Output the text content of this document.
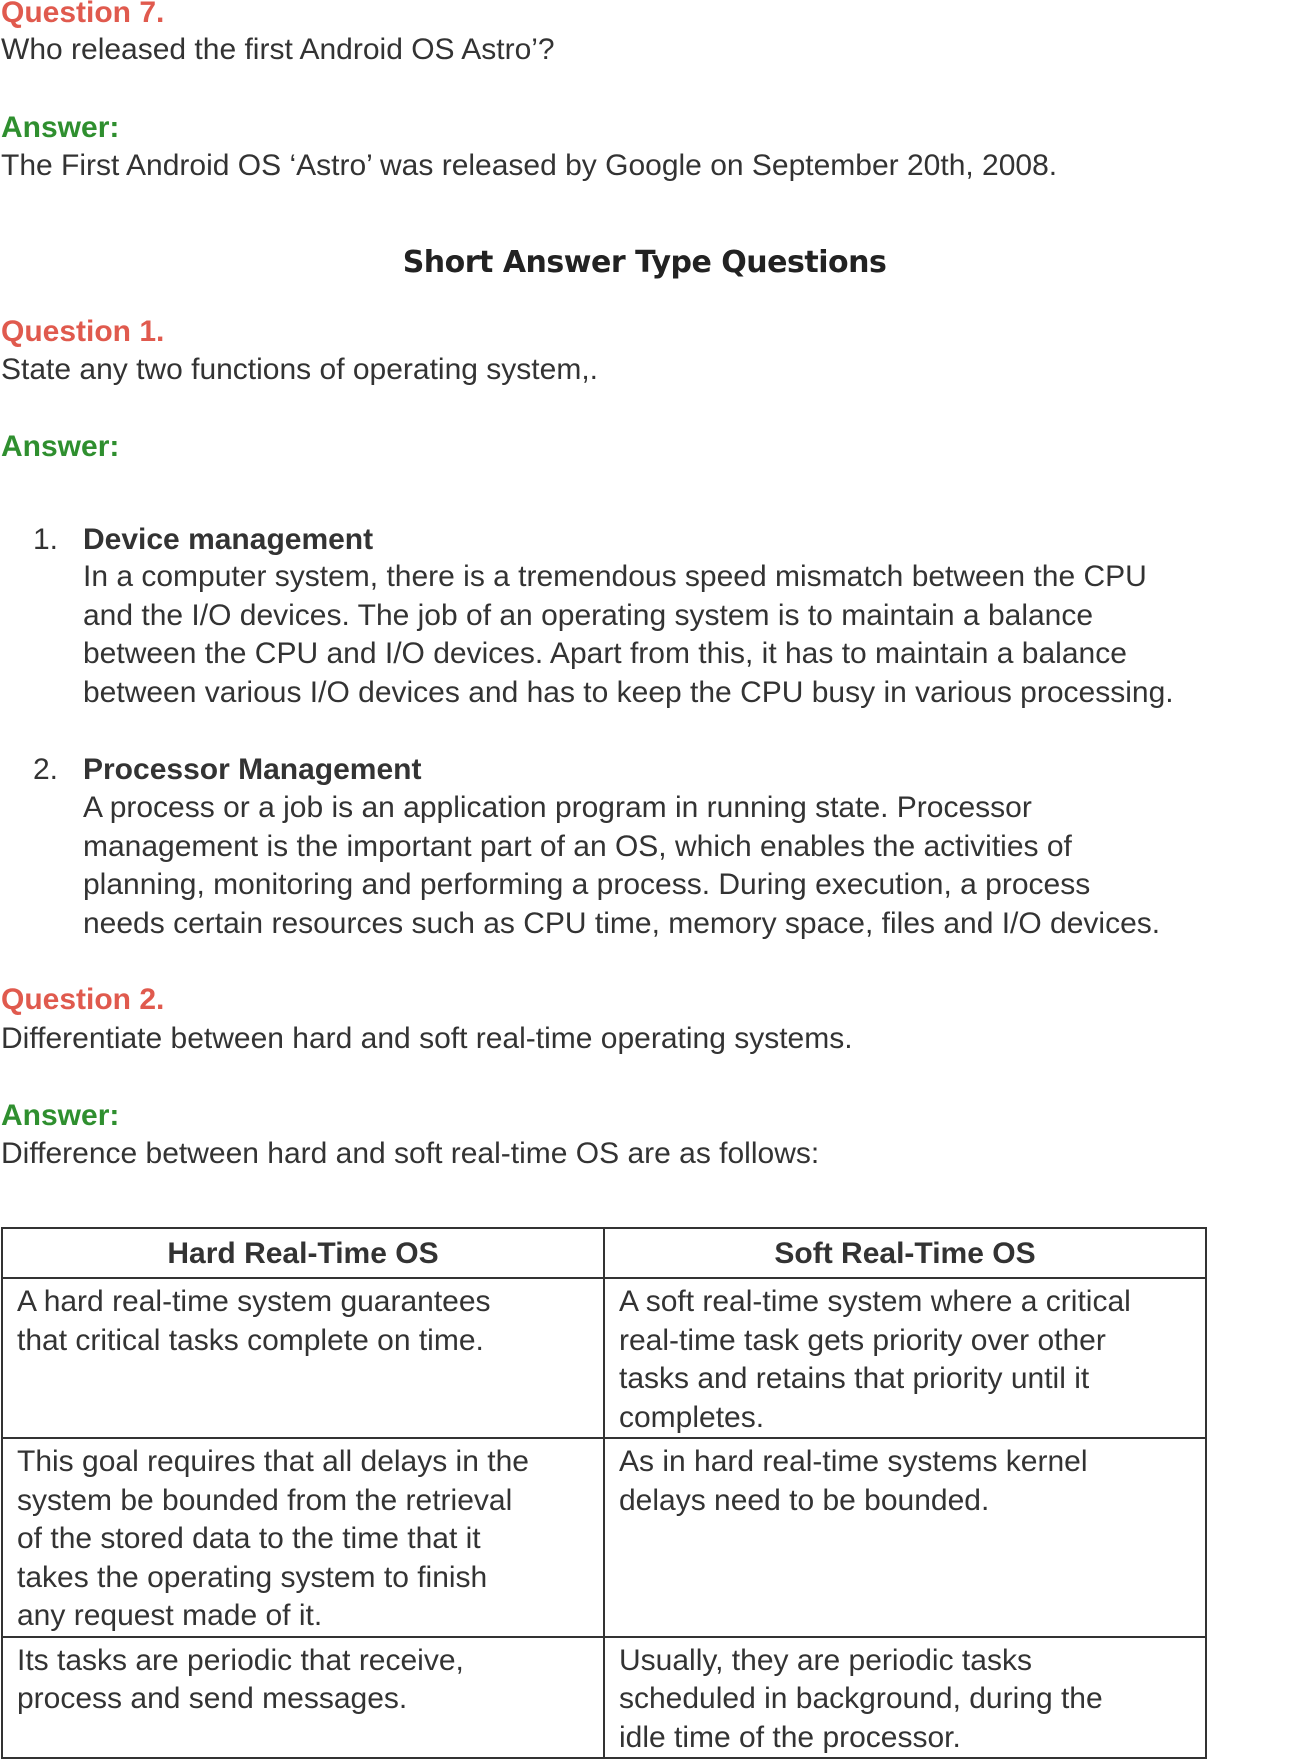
Question 7.
Who released the first Android OS Astro’?
Answer:
The First Android OS ‘Astro’ was released by Google on September 20th, 2008.
Short Answer Type Questions
Question 1.
State any two functions of operating system,.
Answer:
1. Device management
In a computer system, there is a tremendous speed mismatch between the CPU
and the I/O devices. The job of an operating system is to maintain a balance
between the CPU and I/O devices. Apart from this, it has to maintain a balance
between various I/O devices and has to keep the CPU busy in various processing.
2. Processor Management
A process or a job is an application program in running state. Processor
management is the important part of an OS, which enables the activities of
planning, monitoring and performing a process. During execution, a process
needs certain resources such as CPU time, memory space, files and I/O devices.
Question 2.
Differentiate between hard and soft real-time operating systems.
Answer:
Difference between hard and soft real-time OS are as follows:
Hard Real-Time OS	Soft Real-Time OS

A hard real-time system guarantees
that critical tasks complete on time.	A soft real-time system where a critical
real-time task gets priority over other
tasks and retains that priority until it
completes.

This goal requires that all delays in the
system be bounded from the retrieval
of the stored data to the time that it
takes the operating system to finish
any request made of it.	As in hard real-time systems kernel
delays need to be bounded.

Its tasks are periodic that receive,
process and send messages.	Usually, they are periodic tasks
scheduled in background, during the
idle time of the processor.
